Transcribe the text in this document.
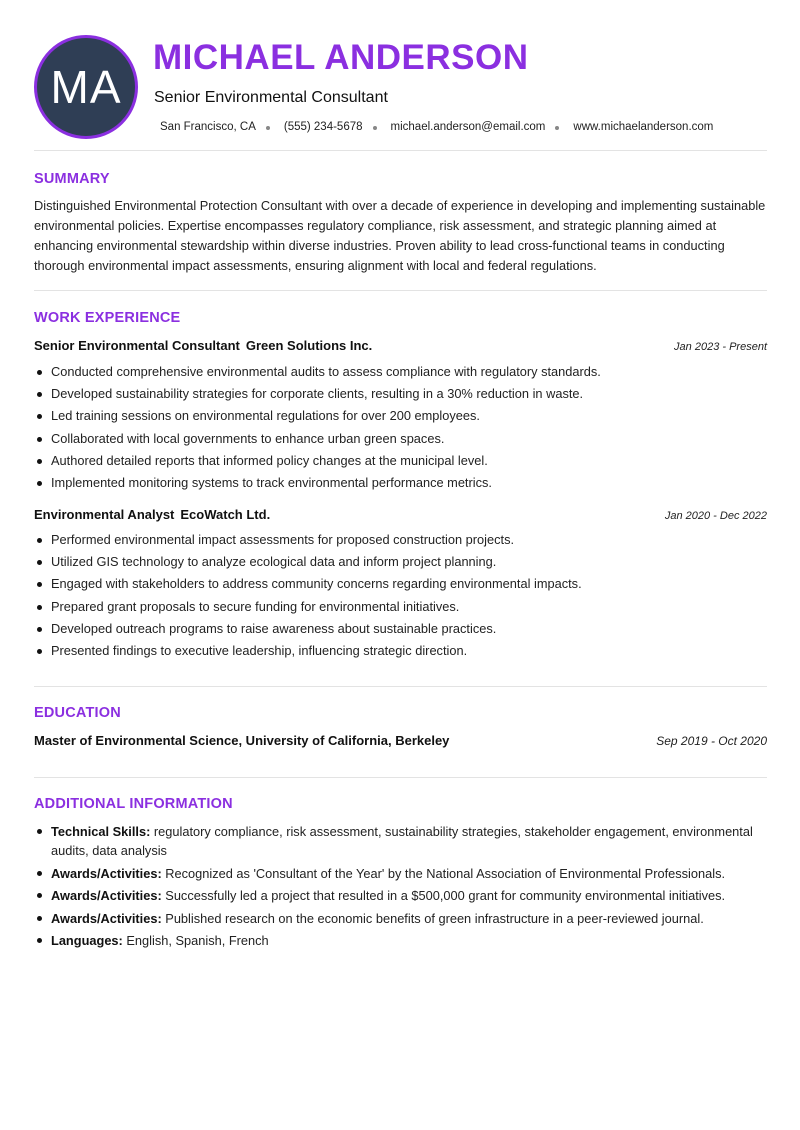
MA
MICHAEL ANDERSON
Senior Environmental Consultant
San Francisco, CA (555) 234-5678 michael.anderson@email.com www.michaelanderson.com
SUMMARY

Distinguished Environmental Protection Consultant with over a decade of experience in developing and implementing sustainable environmental policies. Expertise encompasses regulatory compliance, risk assessment, and strategic planning aimed at enhancing environmental stewardship within diverse industries. Proven ability to lead cross-functional teams in conducting thorough environmental impact assessments, ensuring alignment with local and federal regulations.

WORK EXPERIENCE
Senior Environmental Consultant Green Solutions Inc.	Jan 2023 - Present
Conducted comprehensive environmental audits to assess compliance with regulatory standards.
Developed sustainability strategies for corporate clients, resulting in a 30% reduction in waste.
Led training sessions on environmental regulations for over 200 employees.
Collaborated with local governments to enhance urban green spaces.
Authored detailed reports that informed policy changes at the municipal level.
Implemented monitoring systems to track environmental performance metrics.
Environmental Analyst EcoWatch Ltd.	Jan 2020 - Dec 2022
Performed environmental impact assessments for proposed construction projects.
Utilized GIS technology to analyze ecological data and inform project planning.
Engaged with stakeholders to address community concerns regarding environmental impacts.
Prepared grant proposals to secure funding for environmental initiatives.
Developed outreach programs to raise awareness about sustainable practices.
Presented findings to executive leadership, influencing strategic direction.
EDUCATION
Master of Environmental Science, University of California, Berkeley	Sep 2019 - Oct 2020
ADDITIONAL INFORMATION
Technical Skills: regulatory compliance, risk assessment, sustainability strategies, stakeholder engagement, environmental audits, data analysis
Awards/Activities: Recognized as 'Consultant of the Year' by the National Association of Environmental Professionals.
Awards/Activities: Successfully led a project that resulted in a $500,000 grant for community environmental initiatives.
Awards/Activities: Published research on the economic benefits of green infrastructure in a peer-reviewed journal.
Languages: English, Spanish, French
